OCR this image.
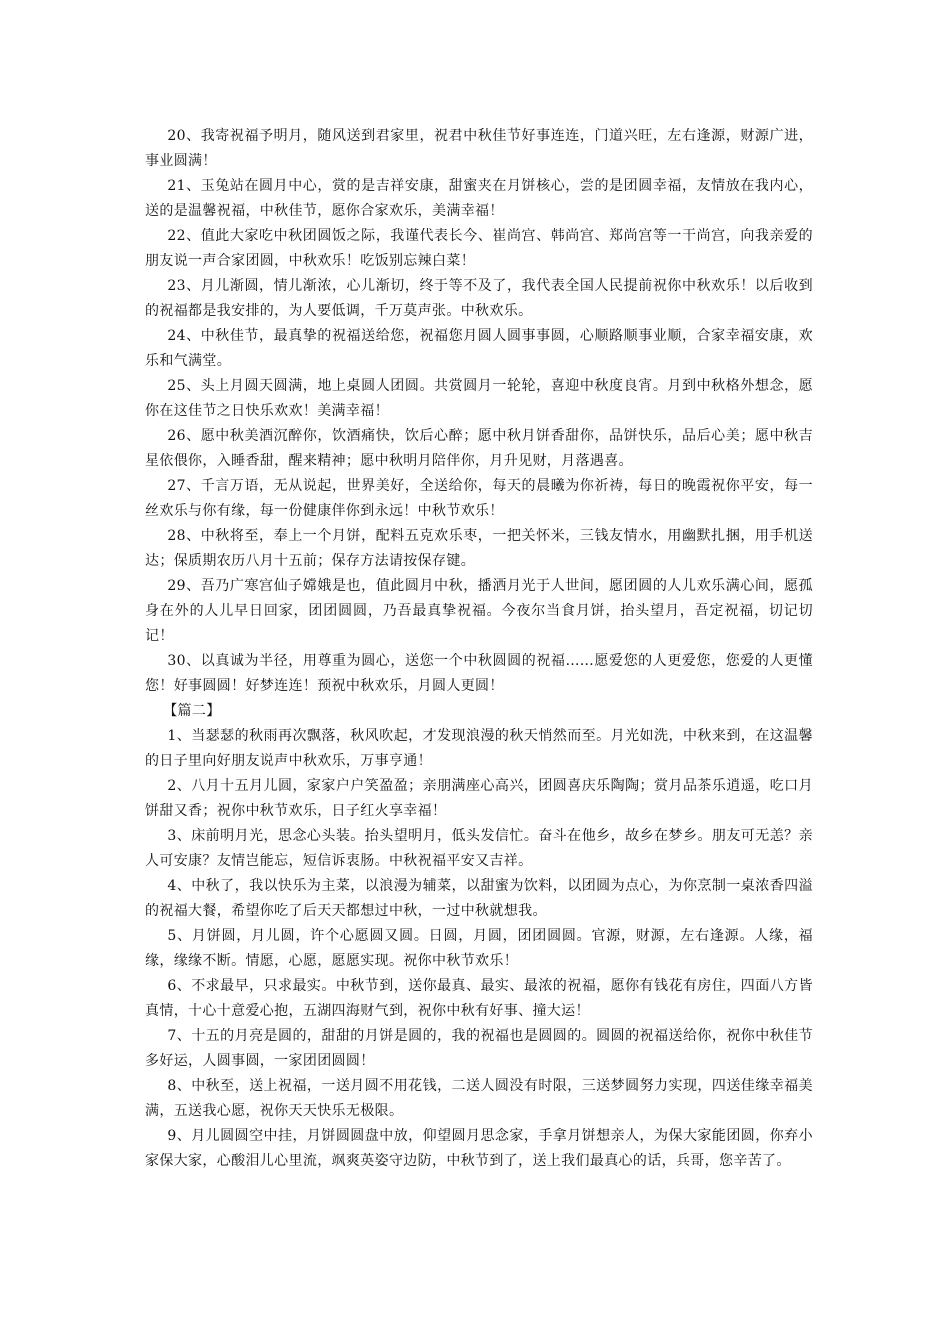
20、我寄祝福予明月，随风送到君家里，祝君中秋佳节好事连连，门道兴旺，左右逢源，财源广进，事业圆满！

21、玉兔站在圆月中心，赏的是吉祥安康，甜蜜夹在月饼核心，尝的是团圆幸福，友情放在我内心，送的是温馨祝福，中秋佳节，愿你合家欢乐，美满幸福！

22、值此大家吃中秋团圆饭之际，我谨代表长今、崔尚宫、韩尚宫、郑尚宫等一干尚宫，向我亲爱的朋友说一声合家团圆，中秋欢乐！吃饭别忘辣白菜！

23、月儿渐圆，情儿渐浓，心儿渐切，终于等不及了，我代表全国人民提前祝你中秋欢乐！以后收到的祝福都是我安排的，为人要低调，千万莫声张。中秋欢乐。

24、中秋佳节，最真挚的祝福送给您，祝福您月圆人圆事事圆，心顺路顺事业顺，合家幸福安康，欢乐和气满堂。

25、头上月圆天圆满，地上桌圆人团圆。共赏圆月一轮轮，喜迎中秋度良宵。月到中秋格外想念，愿你在这佳节之日快乐欢欢！美满幸福！

26、愿中秋美酒沉醉你，饮酒痛快，饮后心醉；愿中秋月饼香甜你，品饼快乐，品后心美；愿中秋吉星依偎你，入睡香甜，醒来精神；愿中秋明月陪伴你，月升见财，月落遇喜。

27、千言万语，无从说起，世界美好，全送给你，每天的晨曦为你祈祷，每日的晚霞祝你平安，每一丝欢乐与你有缘，每一份健康伴你到永远！中秋节欢乐！

28、中秋将至，奉上一个月饼，配料五克欢乐枣，一把关怀米，三钱友情水，用幽默扎捆，用手机送达；保质期农历八月十五前；保存方法请按保存键。

29、吾乃广寒宫仙子嫦娥是也，值此圆月中秋，播洒月光于人世间，愿团圆的人儿欢乐满心间，愿孤身在外的人儿早日回家，团团圆圆，乃吾最真挚祝福。今夜尔当食月饼，抬头望月，吾定祝福，切记切记！

30、以真诚为半径，用尊重为圆心，送您一个中秋圆圆的祝福……愿爱您的人更爱您，您爱的人更懂您！好事圆圆！好梦连连！预祝中秋欢乐，月圆人更圆！

【篇二】

1、当瑟瑟的秋雨再次飘落，秋风吹起，才发现浪漫的秋天悄然而至。月光如洗，中秋来到，在这温馨的日子里向好朋友说声中秋欢乐，万事亨通！

2、八月十五月儿圆，家家户户笑盈盈；亲朋满座心高兴，团圆喜庆乐陶陶；赏月品茶乐逍遥，吃口月饼甜又香；祝你中秋节欢乐，日子红火享幸福！

3、床前明月光，思念心头装。抬头望明月，低头发信忙。奋斗在他乡，故乡在梦乡。朋友可无恙？亲人可安康？友情岂能忘，短信诉衷肠。中秋祝福平安又吉祥。

4、中秋了，我以快乐为主菜，以浪漫为辅菜，以甜蜜为饮料，以团圆为点心，为你烹制一桌浓香四溢的祝福大餐，希望你吃了后天天都想过中秋，一过中秋就想我。

5、月饼圆，月儿圆，许个心愿圆又圆。日圆，月圆，团团圆圆。官源，财源，左右逢源。人缘，福缘，缘缘不断。情愿，心愿，愿愿实现。祝你中秋节欢乐！

6、不求最早，只求最实。中秋节到，送你最真、最实、最浓的祝福，愿你有钱花有房住，四面八方皆真情，十心十意爱心抱，五湖四海财气到，祝你中秋有好事、撞大运！

7、十五的月亮是圆的，甜甜的月饼是圆的，我的祝福也是圆圆的。圆圆的祝福送给你，祝你中秋佳节多好运，人圆事圆，一家团团圆圆！

8、中秋至，送上祝福，一送月圆不用花钱，二送人圆没有时限，三送梦圆努力实现，四送佳缘幸福美满，五送我心愿，祝你天天快乐无极限。

9、月儿圆圆空中挂，月饼圆圆盘中放，仰望圆月思念家，手拿月饼想亲人，为保大家能团圆，你弃小家保大家，心酸泪儿心里流，飒爽英姿守边防，中秋节到了，送上我们最真心的话，兵哥，您辛苦了。
